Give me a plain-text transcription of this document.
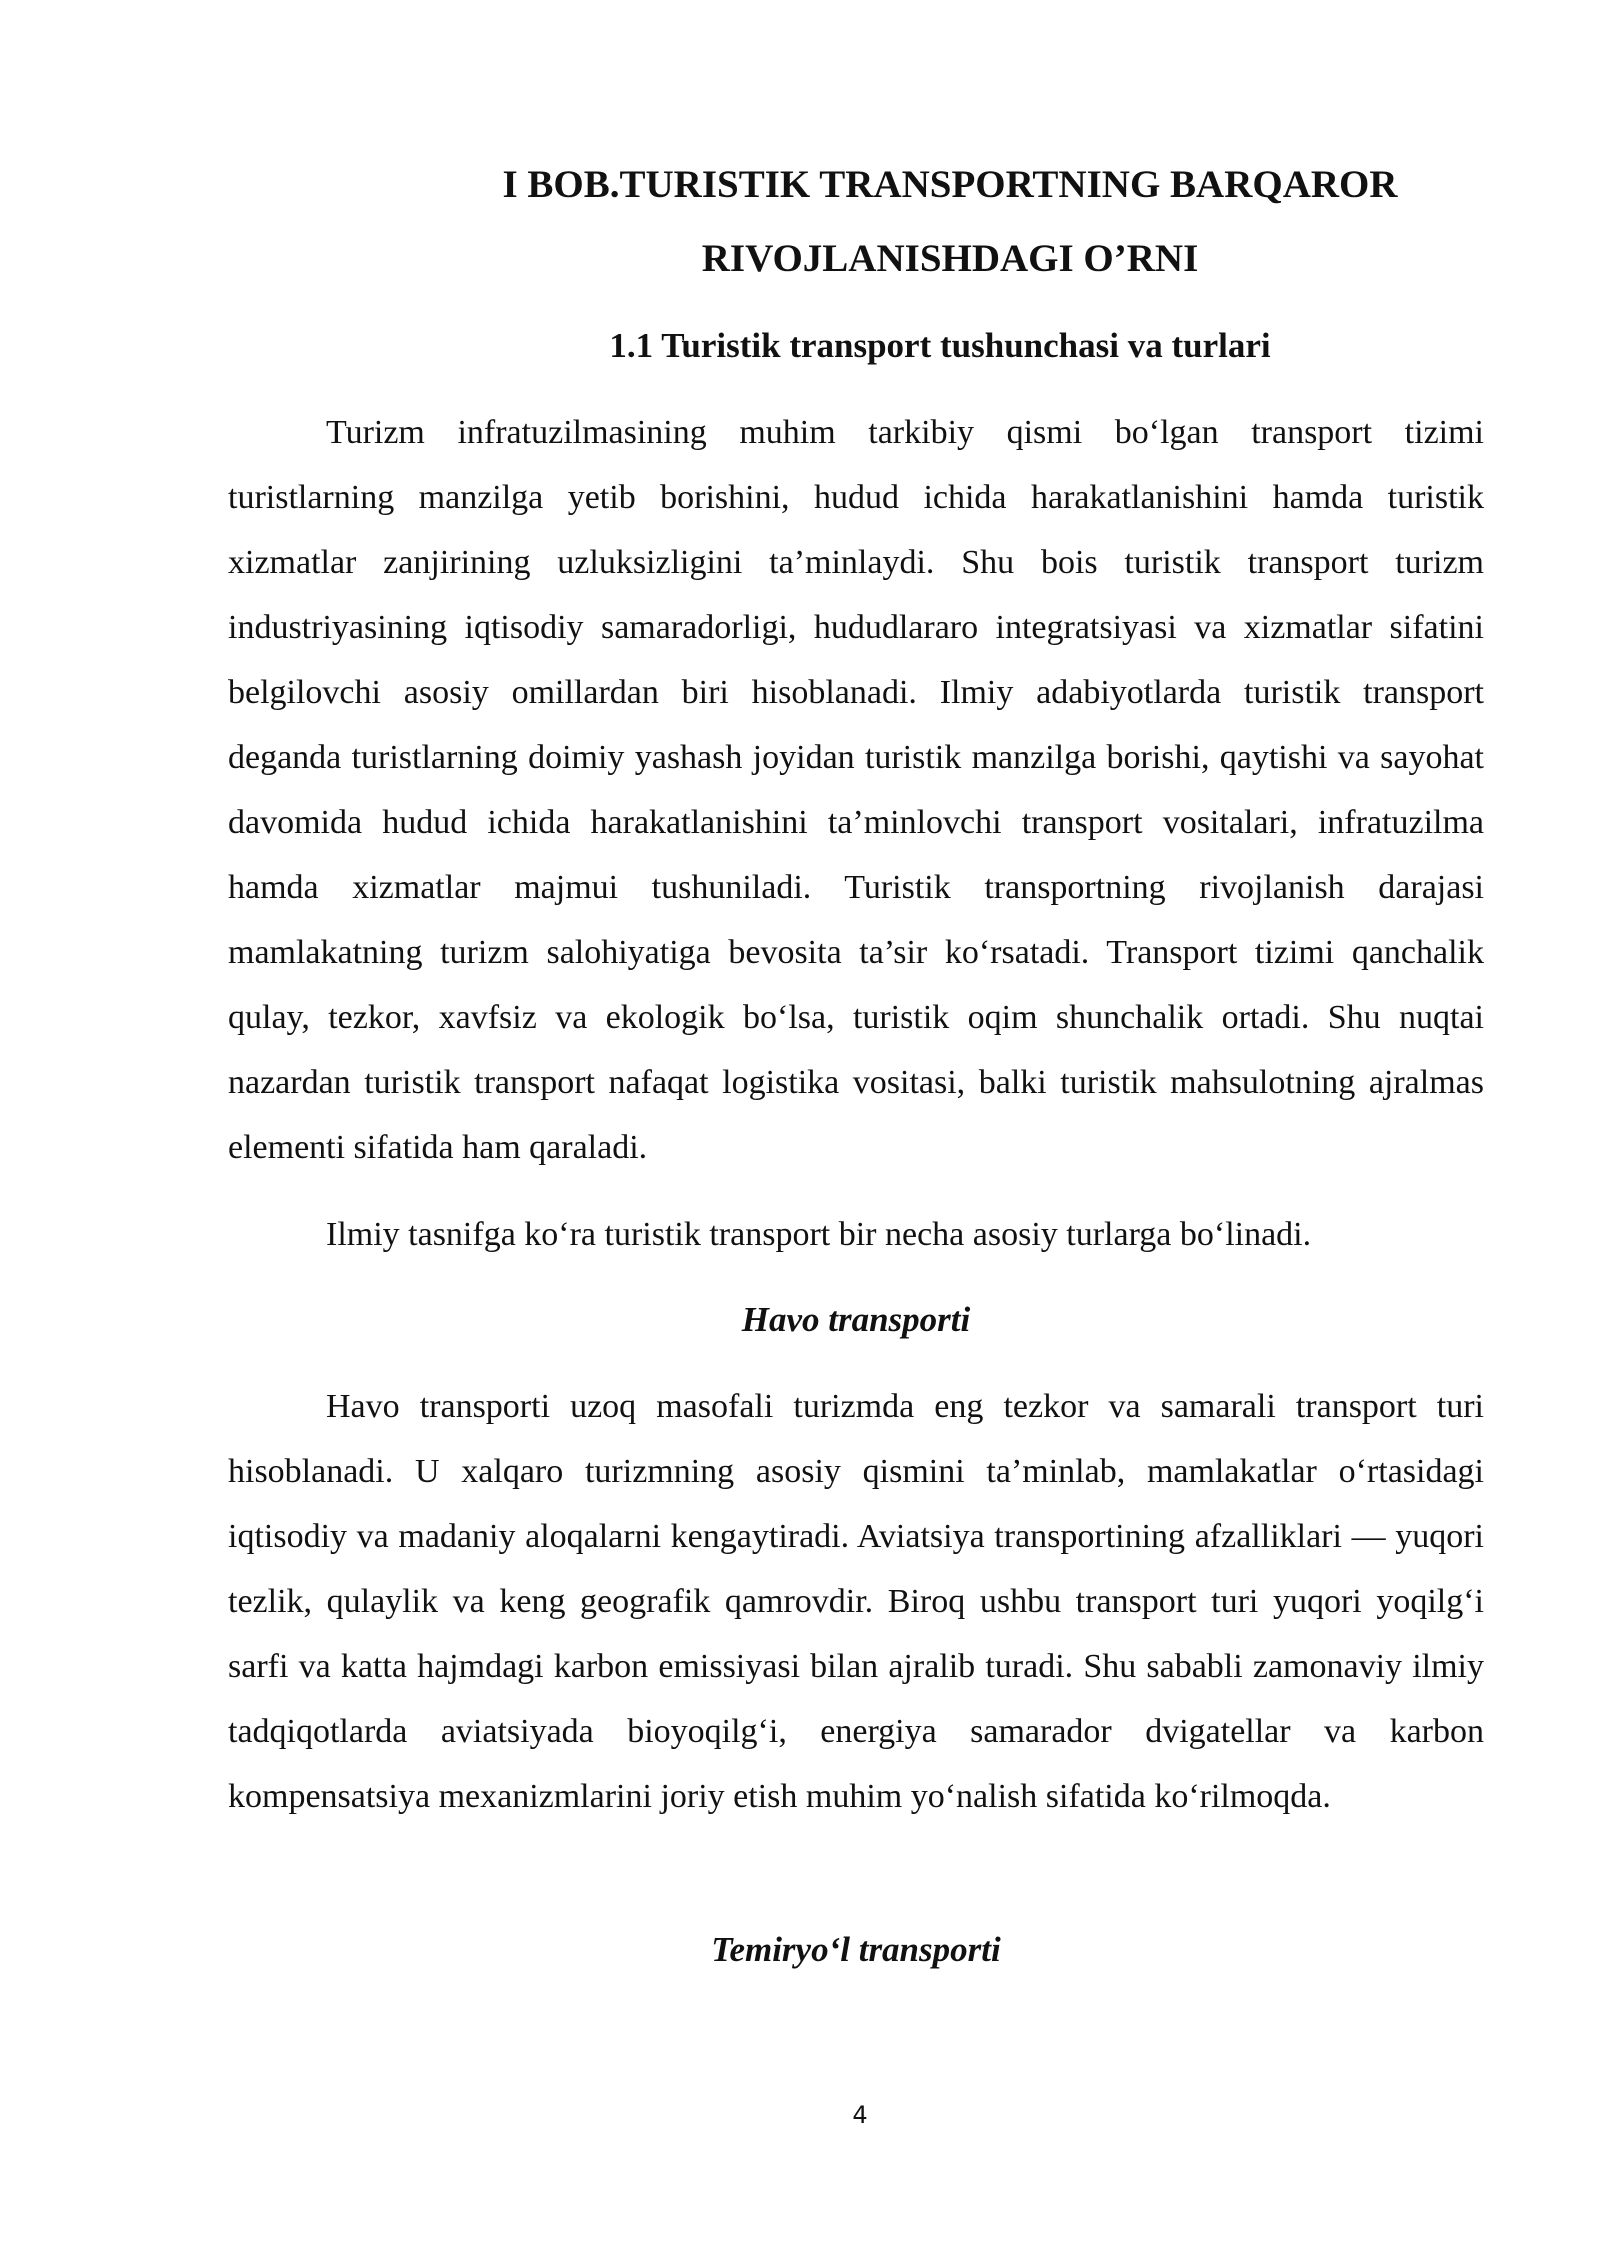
I BOB.TURISTIK TRANSPORTNING BARQAROR
RIVOJLANISHDAGI O’RNI
1.1 Turistik transport tushunchasi va turlari

Turizm infratuzilmasining muhim tarkibiy qismi bo‘lgan transport tizimi turistlarning manzilga yetib borishini, hudud ichida harakatlanishini hamda turistik xizmatlar zanjirining uzluksizligini ta’minlaydi. Shu bois turistik transport turizm industriyasining iqtisodiy samaradorligi, hududlararo integratsiyasi va xizmatlar sifatini belgilovchi asosiy omillardan biri hisoblanadi. Ilmiy adabiyotlarda turistik transport deganda turistlarning doimiy yashash joyidan turistik manzilga borishi, qaytishi va sayohat davomida hudud ichida harakatlanishini ta’minlovchi transport vositalari, infratuzilma hamda xizmatlar majmui tushuniladi. Turistik transportning rivojlanish darajasi mamlakatning turizm salohiyatiga bevosita ta’sir ko‘rsatadi. Transport tizimi qanchalik qulay, tezkor, xavfsiz va ekologik bo‘lsa, turistik oqim shunchalik ortadi. Shu nuqtai nazardan turistik transport nafaqat logistika vositasi, balki turistik mahsulotning ajralmas elementi sifatida ham qaraladi.

Ilmiy tasnifga ko‘ra turistik transport bir necha asosiy turlarga bo‘linadi.

Havo transporti

Havo transporti uzoq masofali turizmda eng tezkor va samarali transport turi hisoblanadi. U xalqaro turizmning asosiy qismini ta’minlab, mamlakatlar o‘rtasidagi iqtisodiy va madaniy aloqalarni kengaytiradi. Aviatsiya transportining afzalliklari — yuqori tezlik, qulaylik va keng geografik qamrovdir. Biroq ushbu transport turi yuqori yoqilg‘i sarfi va katta hajmdagi karbon emissiyasi bilan ajralib turadi. Shu sababli zamonaviy ilmiy tadqiqotlarda aviatsiyada bioyoqilg‘i, energiya samarador dvigatellar va karbon kompensatsiya mexanizmlarini joriy etish muhim yo‘nalish sifatida ko‘rilmoqda.

Temiryo‘l transporti
4
